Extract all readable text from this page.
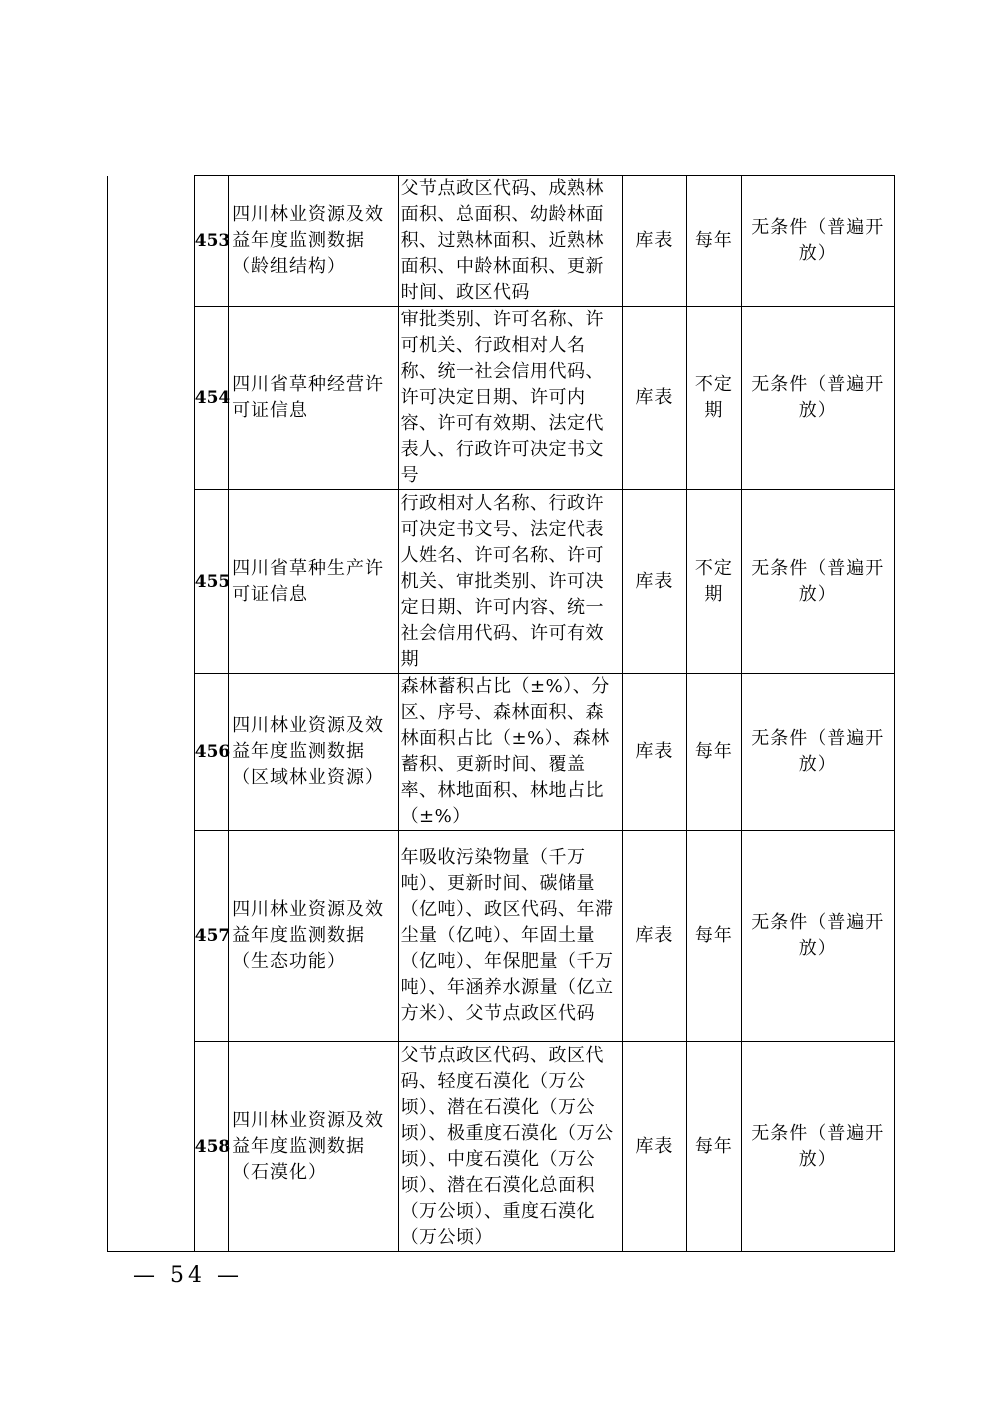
	453	四川林业资源及效益年度监测数据（龄组结构）	父节点政区代码、成熟林面积、总面积、幼龄林面积、过熟林面积、近熟林面积、中龄林面积、更新时间、政区代码	库表	每年	无条件（普遍开放）
	454	四川省草种经营许可证信息	审批类别、许可名称、许可机关、行政相对人名称、统一社会信用代码、许可决定日期、许可内容、许可有效期、法定代表人、行政许可决定书文号	库表	不定期	无条件（普遍开放）
	455	四川省草种生产许可证信息	行政相对人名称、行政许可决定书文号、法定代表人姓名、许可名称、许可机关、审批类别、许可决定日期、许可内容、统一社会信用代码、许可有效期	库表	不定期	无条件（普遍开放）
	456	四川林业资源及效益年度监测数据（区域林业资源）	森林蓄积占比（±%）、分区、序号、森林面积、森林面积占比（±%）、森林蓄积、更新时间、覆盖率、林地面积、林地占比（±%）	库表	每年	无条件（普遍开放）
	457	四川林业资源及效益年度监测数据（生态功能）	年吸收污染物量（千万吨）、更新时间、碳储量（亿吨）、政区代码、年滞尘量（亿吨）、年固土量（亿吨）、年保肥量（千万吨）、年涵养水源量（亿立方米）、父节点政区代码	库表	每年	无条件（普遍开放）
	458	四川林业资源及效益年度监测数据（石漠化）	父节点政区代码、政区代码、轻度石漠化（万公顷）、潜在石漠化（万公顷）、极重度石漠化（万公顷）、中度石漠化（万公顷）、潜在石漠化总面积（万公顷）、重度石漠化（万公顷）	库表	每年	无条件（普遍开放）
— 54 —
